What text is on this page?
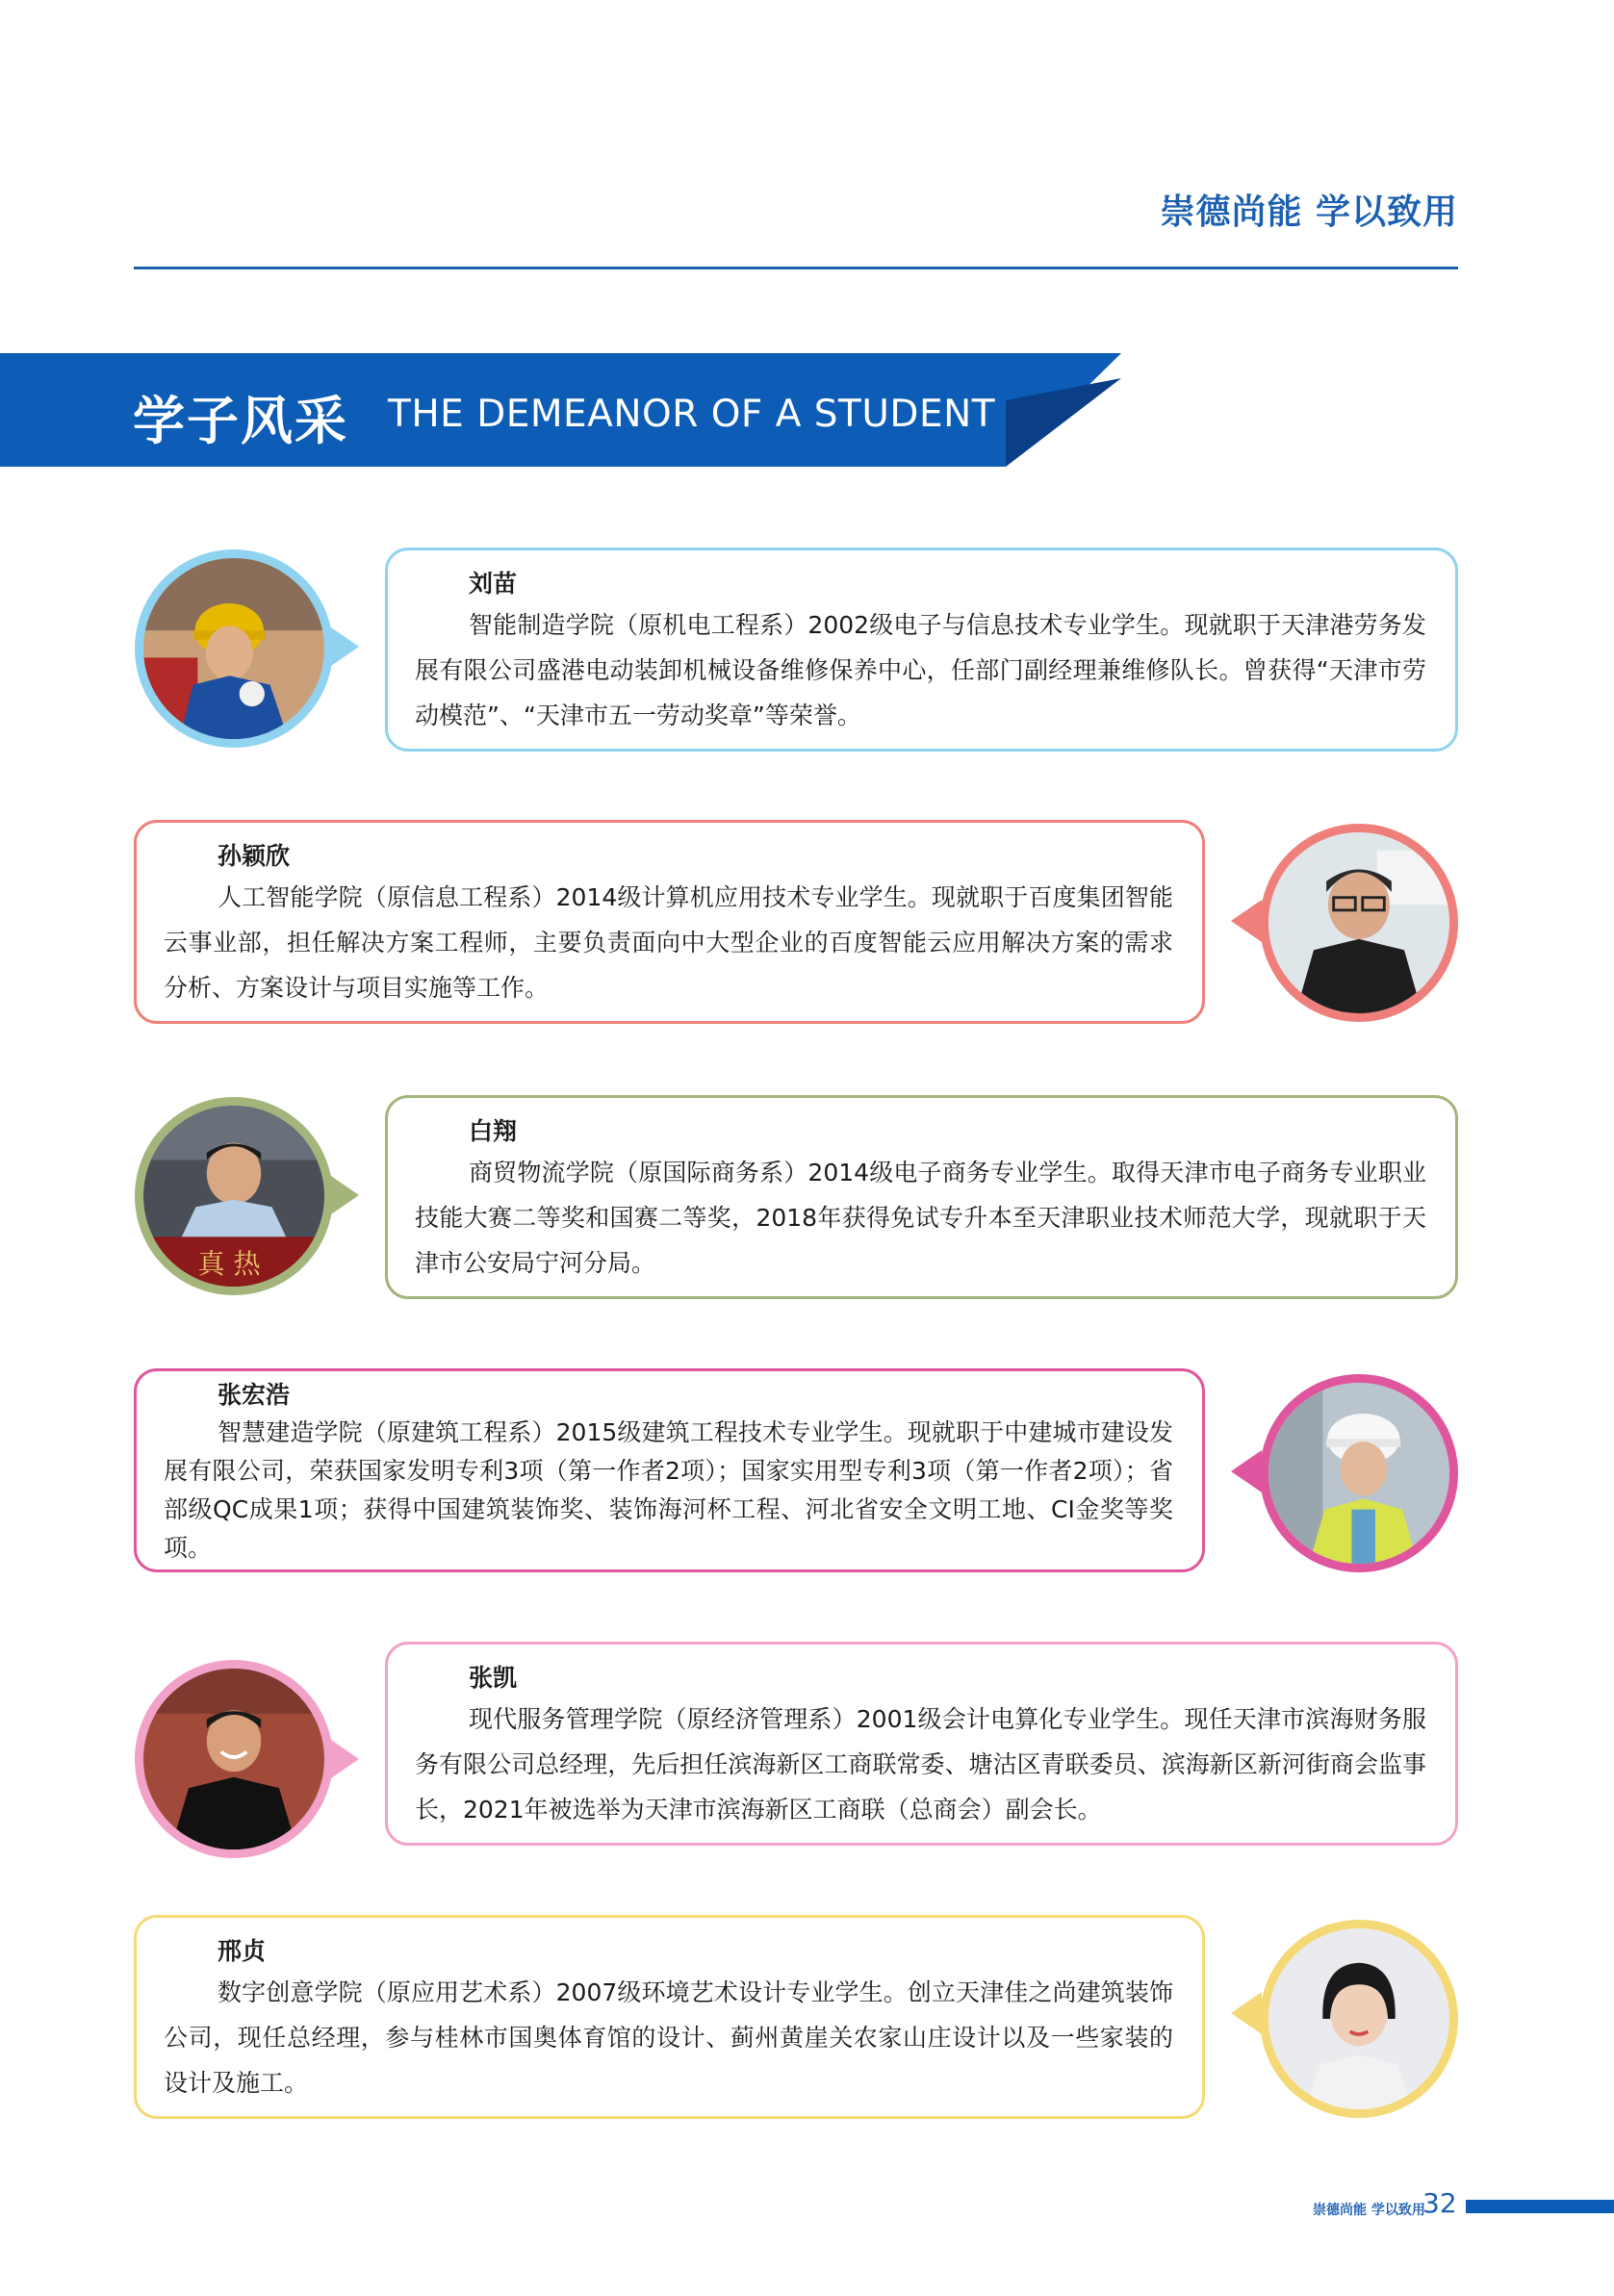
崇德尚能 学以致用
学子风采 THE DEMEANOR OF A STUDENT
刘苗
智能制造学院（原机电工程系）2002级电子与信息技术专业学生。现就职于天津港劳务发展有限公司盛港电动装卸机械设备维修保养中心，任部门副经理兼维修队长。曾获得“天津市劳动模范”、“天津市五一劳动奖章”等荣誉。
孙颖欣
人工智能学院（原信息工程系）2014级计算机应用技术专业学生。现就职于百度集团智能云事业部，担任解决方案工程师，主要负责面向中大型企业的百度智能云应用解决方案的需求分析、方案设计与项目实施等工作。
真 热
白翔
商贸物流学院（原国际商务系）2014级电子商务专业学生。取得天津市电子商务专业职业技能大赛二等奖和国赛二等奖，2018年获得免试专升本至天津职业技术师范大学，现就职于天津市公安局宁河分局。
张宏浩
智慧建造学院（原建筑工程系）2015级建筑工程技术专业学生。现就职于中建城市建设发展有限公司，荣获国家发明专利3项（第一作者2项）；国家实用型专利3项（第一作者2项）；省部级QC成果1项；获得中国建筑装饰奖、装饰海河杯工程、河北省安全文明工地、CI金奖等奖项。
张凯
现代服务管理学院（原经济管理系）2001级会计电算化专业学生。现任天津市滨海财务服务有限公司总经理，先后担任滨海新区工商联常委、塘沽区青联委员、滨海新区新河街商会监事长，2021年被选举为天津市滨海新区工商联（总商会）副会长。
邢贞
数字创意学院（原应用艺术系）2007级环境艺术设计专业学生。创立天津佳之尚建筑装饰公司，现任总经理，参与桂林市国奥体育馆的设计、蓟州黄崖关农家山庄设计以及一些家装的设计及施工。
崇德尚能 学以致用
32
